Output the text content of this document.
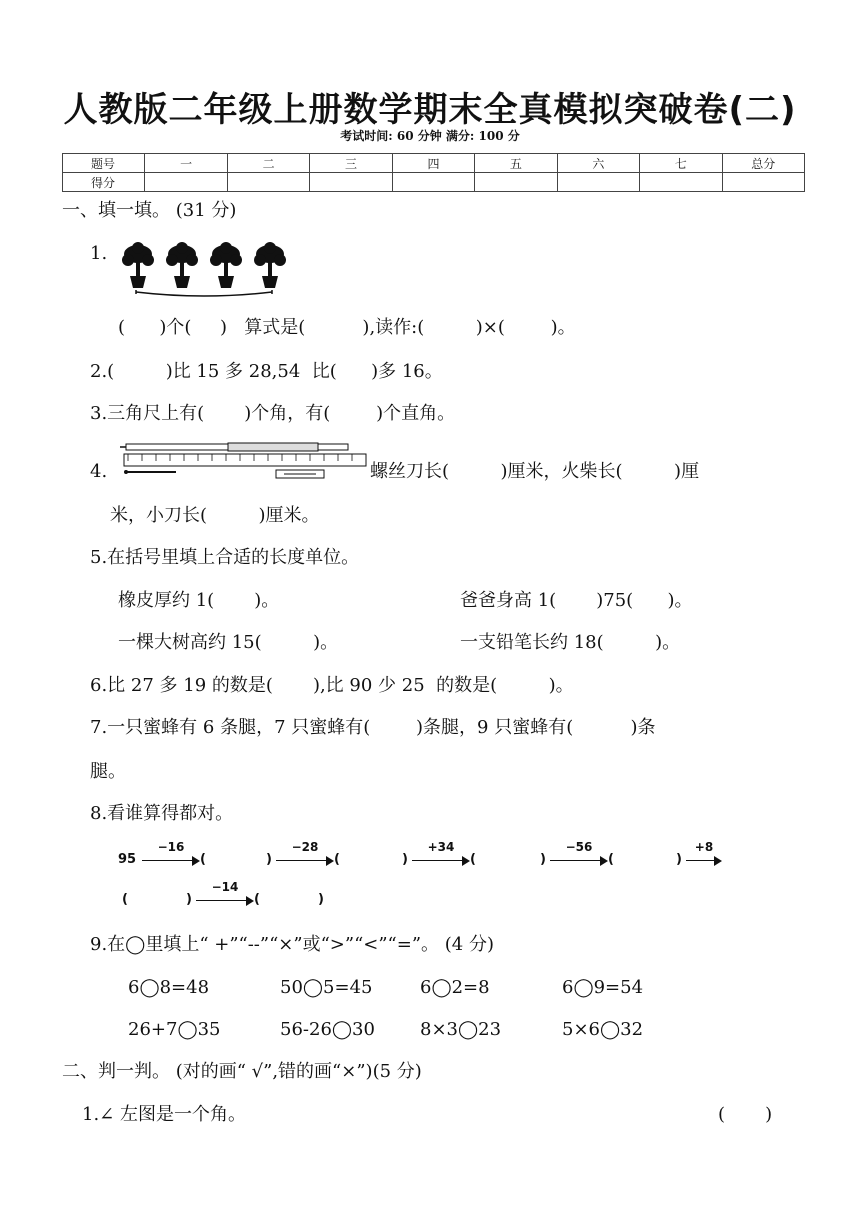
人教版二年级上册数学期末全真模拟突破卷(二)
考试时间: 60 分钟 满分: 100 分
题号	一	二	三	四	五	六	七	总分
得分								
一、填一填。 (31 分)
1.
(      )个(     )   算式是(          ),读作:(         )×(        )。
2.(         )比 15 多 28,54  比(      )多 16。
3.三角尺上有(       )个角，有(        )个直角。
4.	螺丝刀长(         )厘米，火柴长(         )厘
米，小刀长(         )厘米。
5.在括号里填上合适的长度单位。
橡皮厚约 1(       )。	爸爸身高 1(       )75(      )。
一棵大树高约 15(         )。	一支铅笔长约 18(         )。
6.比 27 多 19 的数是(       ),比 90 少 25  的数是(         )。
7.一只蜜蜂有 6 条腿，7 只蜜蜂有(        )条腿，9 只蜜蜂有(          )条
腿。
8.看谁算得都对。
95
−16
(	)
−28
(	)
+34
(	)
−56
(	)
+8
(	)
−14
(	)
9.在◯里填上“ +”“--”“×”或“>”“<”“=”。 (4 分)
6◯8=48	50◯5=45	6◯2=8	6◯9=54
26+7◯35	56-26◯30	8×3◯23	5×6◯32
二、判一判。 (对的画“ √”,错的画“×”)(5 分)
1.∠ 左图是一个角。	(       )
